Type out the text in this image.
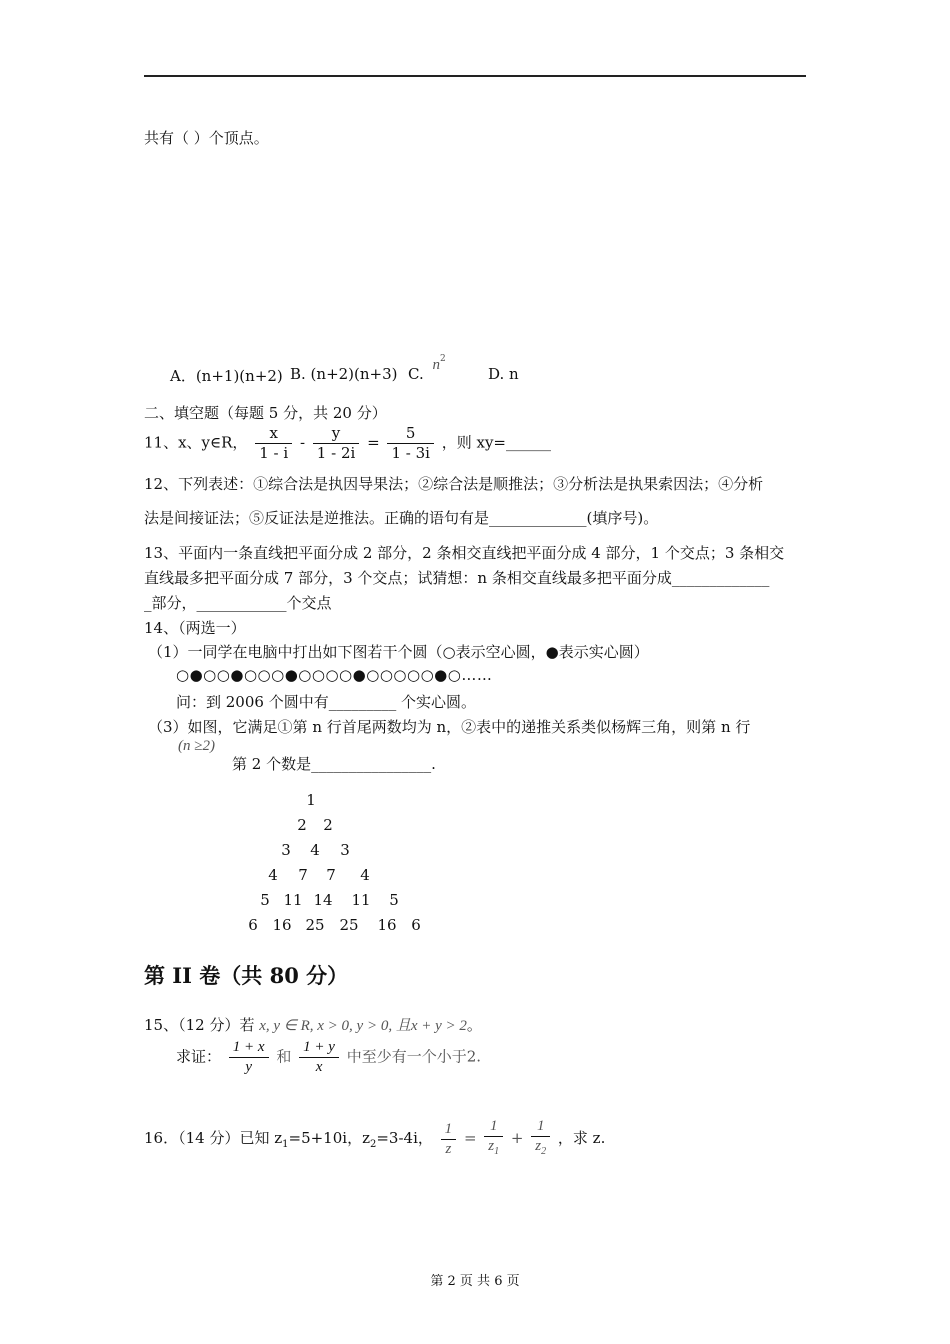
共有（ ）个顶点。
A．(n+1)(n+2) B. (n+2)(n+3) C. $n^2$
D. n
二、填空题（每题 5 分，共 20 分）
11、x、y∈R， $\frac{x}{1 - i} - \frac{y}{1 - 2i} = \frac{5}{1 - 3i}$ ，则 xy=______
12、下列表述：①综合法是执因导果法；②综合法是顺推法；③分析法是执果索因法；④分析
法是间接证法；⑤反证法是逆推法。正确的语句有是_____________(填序号)。
13、平面内一条直线把平面分成 2 部分，2 条相交直线把平面分成 4 部分，1 个交点；3 条相交
直线最多把平面分成 7 部分，3 个交点；试猜想：n 条相交直线最多把平面分成_____________
_部分，____________个交点
14、（两选一）
（1）一同学在电脑中打出如下图若干个圆（○表示空心圆，●表示实心圆）
○●○○●○○○●○○○○●○○○○○●○……
问：到 2006 个圆中有_________ 个实心圆。
（3）如图，它满足①第 n 行首尾两数均为 n，②表中的递推关系类似杨辉三角，则第 n 行
(n ≥2)
第 2 个数是________________.
1
2	2
3	4	3
4	7	7	4
5 11 14	11	5
6 16 25 25	16 6
第 II 卷（共 80 分）
15、（12 分）若 x, y ∈ R, x > 0, y > 0, 且x + y > 2。
求证： $\frac{1 + x}{y}$ 和 $\frac{1 + y}{x}$ 中至少有一个小于2.
16．（14 分）已知 $z_1=5+10i$，$z_2=3-4i$， $\frac{1}{z} = \frac{1}{z_1} + \frac{1}{z_2}$ ，求 z.
第 2 页 共 6 页
